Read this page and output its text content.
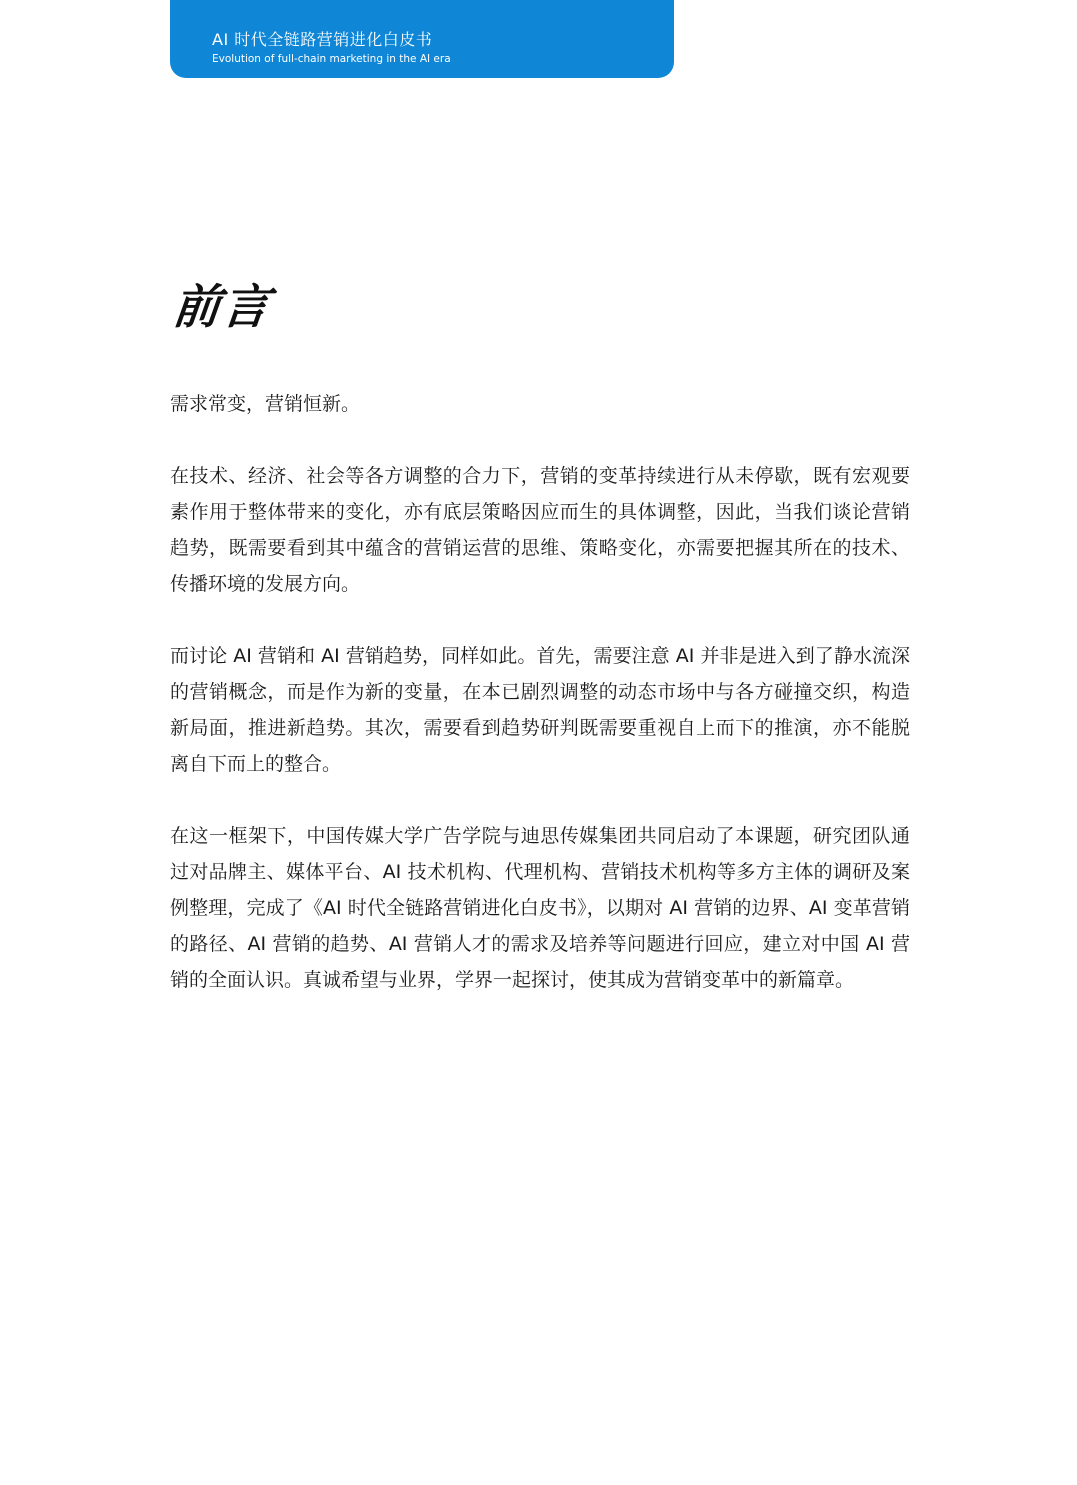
AI 时代全链路营销进化白皮书
Evolution of full-chain marketing in the AI era
前言

需求常变，营销恒新。

在技术、经济、社会等各方调整的合力下，营销的变革持续进行从未停歇，既有宏观要素作用于整体带来的变化，亦有底层策略因应而生的具体调整，因此，当我们谈论营销趋势，既需要看到其中蕴含的营销运营的思维、策略变化，亦需要把握其所在的技术、传播环境的发展方向。

而讨论 AI 营销和 AI 营销趋势，同样如此。首先，需要注意 AI 并非是进入到了静水流深的营销概念，而是作为新的变量，在本已剧烈调整的动态市场中与各方碰撞交织，构造新局面，推进新趋势。其次，需要看到趋势研判既需要重视自上而下的推演，亦不能脱离自下而上的整合。

在这一框架下，中国传媒大学广告学院与迪思传媒集团共同启动了本课题，研究团队通过对品牌主、媒体平台、AI 技术机构、代理机构、营销技术机构等多方主体的调研及案例整理，完成了《AI 时代全链路营销进化白皮书》，以期对 AI 营销的边界、AI 变革营销的路径、AI 营销的趋势、AI 营销人才的需求及培养等问题进行回应，建立对中国 AI 营销的全面认识。真诚希望与业界，学界一起探讨，使其成为营销变革中的新篇章。
